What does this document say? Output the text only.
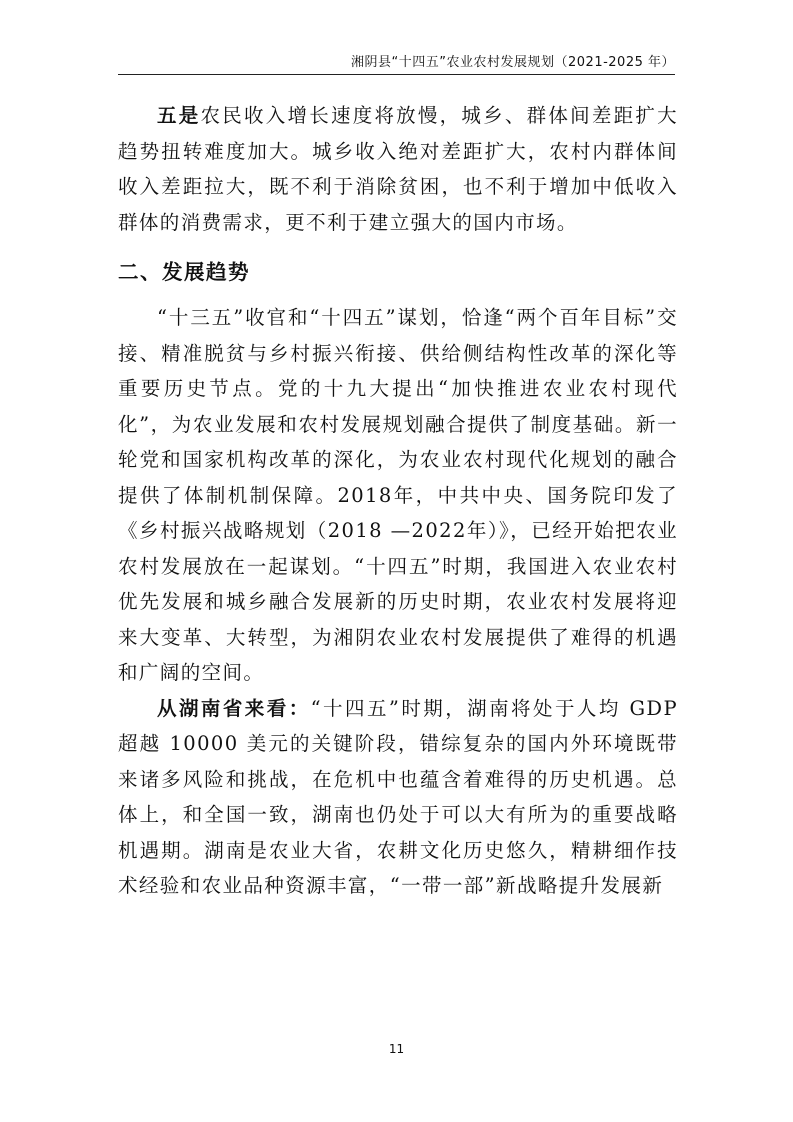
湘阴县“十四五”农业农村发展规划（2021-2025 年）

五是农民收入增长速度将放慢，城乡、群体间差距扩大趋势扭转难度加大。城乡收入绝对差距扩大，农村内群体间收入差距拉大，既不利于消除贫困，也不利于增加中低收入群体的消费需求，更不利于建立强大的国内市场。

二、发展趋势

“十三五”收官和“十四五”谋划，恰逢“两个百年目标”交接、精准脱贫与乡村振兴衔接、供给侧结构性改革的深化等重要历史节点。党的十九大提出“加快推进农业农村现代化”，为农业发展和农村发展规划融合提供了制度基础。新一轮党和国家机构改革的深化，为农业农村现代化规划的融合提供了体制机制保障。2018年，中共中央、国务院印发了《乡村振兴战略规划（2018 —2022年）》，已经开始把农业农村发展放在一起谋划。“十四五”时期，我国进入农业农村优先发展和城乡融合发展新的历史时期，农业农村发展将迎来大变革、大转型，为湘阴农业农村发展提供了难得的机遇和广阔的空间。

从湖南省来看：“十四五”时期，湖南将处于人均 GDP 超越 10000 美元的关键阶段，错综复杂的国内外环境既带来诸多风险和挑战，在危机中也蕴含着难得的历史机遇。总体上，和全国一致，湖南也仍处于可以大有所为的重要战略机遇期。湖南是农业大省，农耕文化历史悠久，精耕细作技术经验和农业品种资源丰富，“一带一部”新战略提升发展新

11
